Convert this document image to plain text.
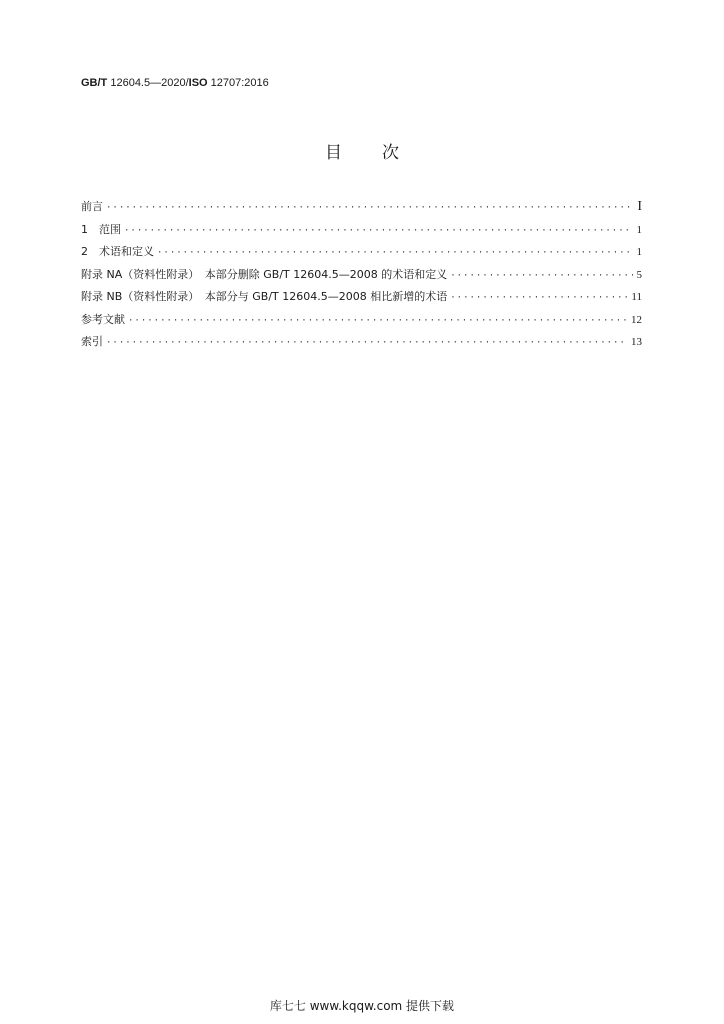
GB/T 12604.5—2020/ISO 12707:2016
目次
前言 ·····	I
1　范围 ·····	1
2　术语和定义 ·····	1
附录 NA（资料性附录）　本部分删除 GB/T 12604.5—2008 的术语和定义 ·····	5
附录 NB（资料性附录）　本部分与 GB/T 12604.5—2008 相比新增的术语 ·····	11
参考文献 ·····	12
索引 ·····	13
库七七 www.kqqw.com 提供下载
